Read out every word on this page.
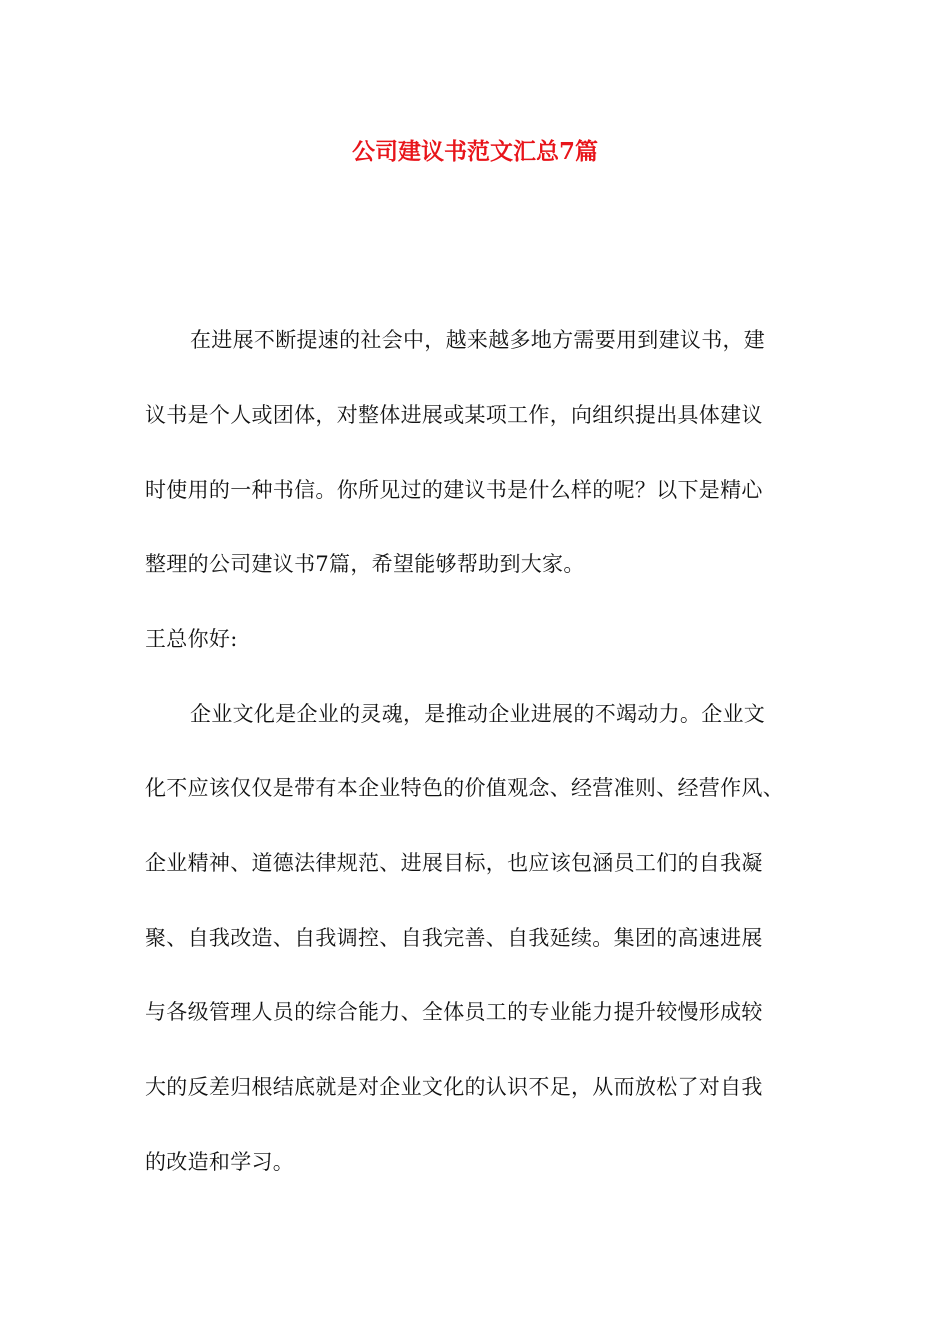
公司建议书范文汇总7篇
在进展不断提速的社会中，越来越多地方需要用到建议书，建
议书是个人或团体，对整体进展或某项工作，向组织提出具体建议
时使用的一种书信。你所见过的建议书是什么样的呢？以下是精心
整理的公司建议书7篇，希望能够帮助到大家。
王总你好:
企业文化是企业的灵魂，是推动企业进展的不竭动力。企业文
化不应该仅仅是带有本企业特色的价值观念、经营准则、经营作风、
企业精神、道德法律规范、进展目标，也应该包涵员工们的自我凝
聚、自我改造、自我调控、自我完善、自我延续。集团的高速进展
与各级管理人员的综合能力、全体员工的专业能力提升较慢形成较
大的反差归根结底就是对企业文化的认识不足，从而放松了对自我
的改造和学习。
